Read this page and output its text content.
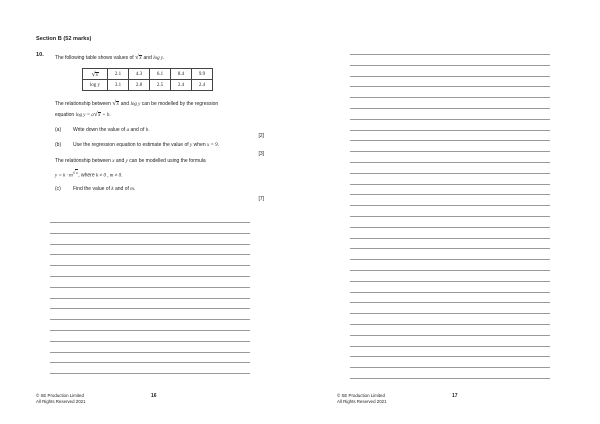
Section B (52 marks)
10. The following table shows values of √x and log y.
√x	2.1	4.3	6.1	8.4	9.9
log y	3.1	2.8	2.5	2.4	2.4
The relationship between √x and log y can be modelled by the regression
equation log y = a√x + b.
(a) Write down the value of a and of b.
[2]
(b) Use the regression equation to estimate the value of y when x = 9.
[3]
The relationship between x and y can be modelled using the formula
$y = k \cdot m^{√x}$, where k ≠ 0 , m ≠ 0.
(c) Find the value of k and of m.
[7]
© SE Production Limited
All Rights Reserved 2021
16	© SE Production Limited
All Rights Reserved 2021
17
